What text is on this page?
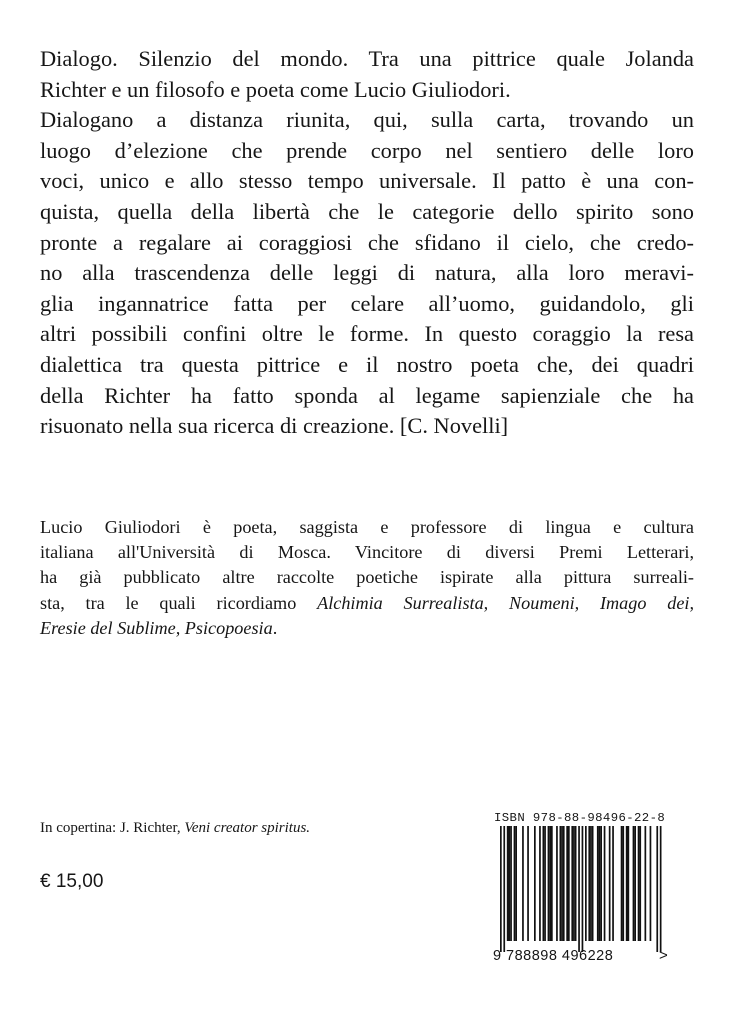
Dialogo. Silenzio del mondo. Tra una pittrice quale Jolanda
Richter e un filosofo e poeta come Lucio Giuliodori.
Dialogano a distanza riunita, qui, sulla carta, trovando un
luogo d’elezione che prende corpo nel sentiero delle loro
voci, unico e allo stesso tempo universale. Il patto è una con-
quista, quella della libertà che le categorie dello spirito sono
pronte a regalare ai coraggiosi che sfidano il cielo, che credo-
no alla trascendenza delle leggi di natura, alla loro meravi-
glia ingannatrice fatta per celare all’uomo, guidandolo, gli
altri possibili confini oltre le forme. In questo coraggio la resa
dialettica tra questa pittrice e il nostro poeta che, dei quadri
della Richter ha fatto sponda al legame sapienziale che ha
risuonato nella sua ricerca di creazione. [C. Novelli]
Lucio Giuliodori è poeta, saggista e professore di lingua e cultura
italiana all'Università di Mosca. Vincitore di diversi Premi Letterari,
ha già pubblicato altre raccolte poetiche ispirate alla pittura surreali-
sta, tra le quali ricordiamo Alchimia Surrealista, Noumeni, Imago dei,
Eresie del Sublime, Psicopoesia.
In copertina: J. Richter, Veni creator spiritus.
€ 15,00
ISBN 978-88-98496-22-8
9 788898 496228	>
